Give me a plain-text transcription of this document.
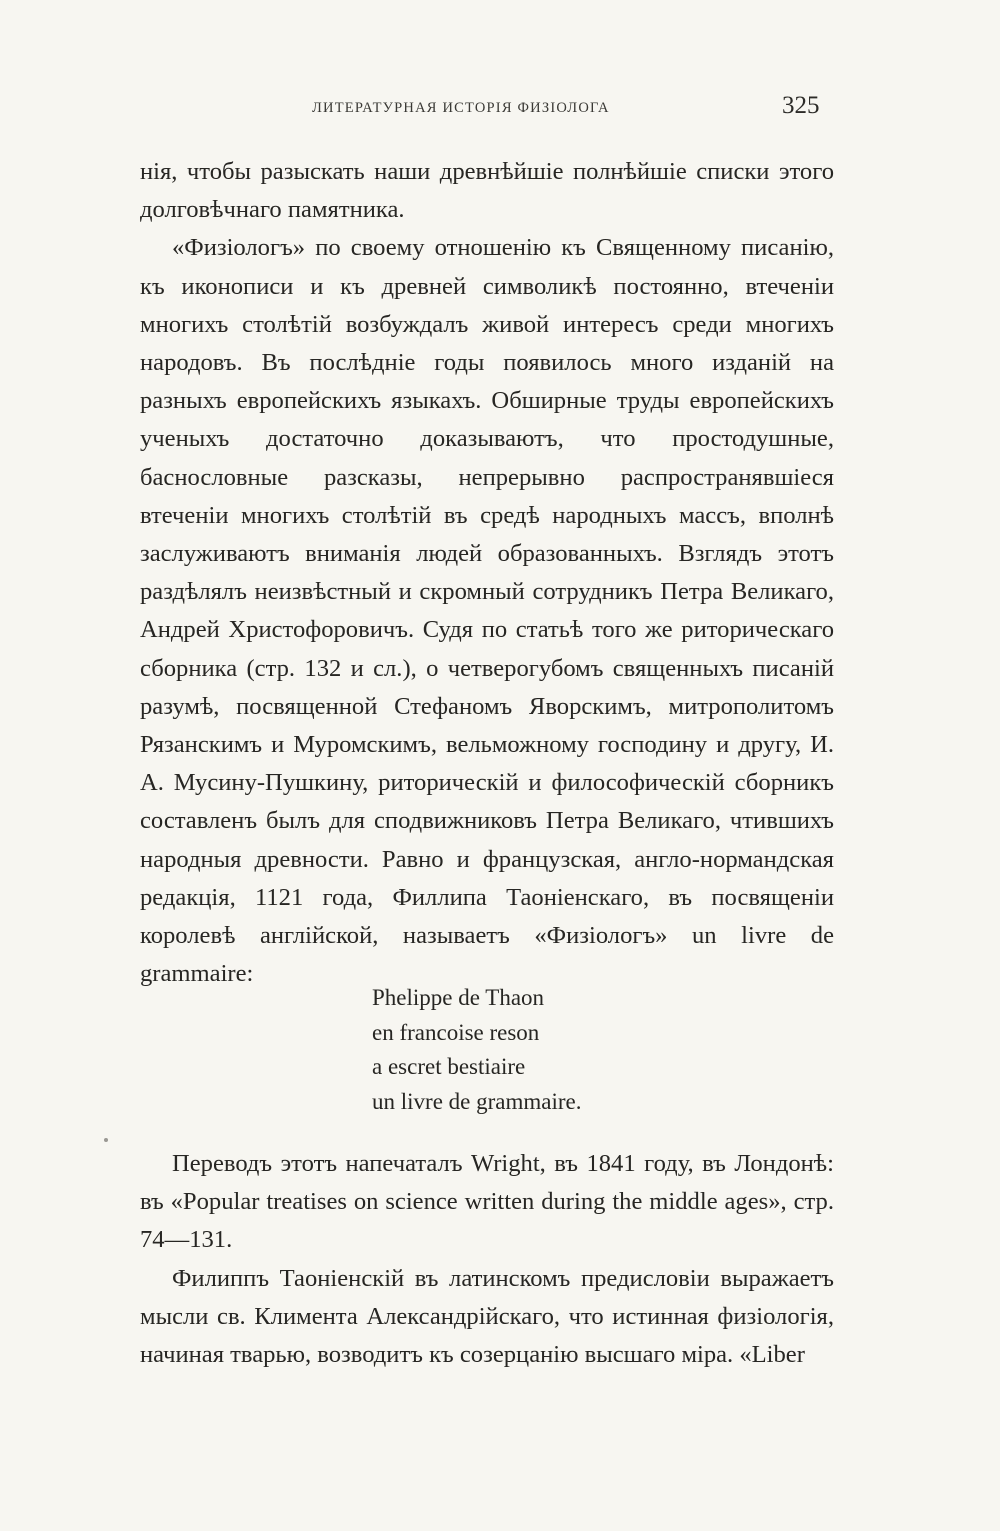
ЛИТЕРАТУРНАЯ ИСТОРІЯ ФИЗІОЛОГА	325

нія, чтобы разыскать наши древнѣйшіе полнѣйшіе списки этого долговѣчнаго памятника.

«Физіологъ» по своему отношенію къ Священному писанію, къ иконописи и къ древней символикѣ постоянно, втеченіи многихъ столѣтій возбуждалъ живой интересъ среди многихъ народовъ. Въ послѣдніе годы появилось много изданій на разныхъ европейскихъ языкахъ. Обширные труды европейскихъ ученыхъ достаточно доказываютъ, что простодушные, баснословные разсказы, непрерывно распространявшіеся втеченіи многихъ столѣтій въ средѣ народныхъ массъ, вполнѣ заслуживаютъ вниманія людей образованныхъ. Взглядъ этотъ раздѣлялъ неизвѣстный и скромный сотрудникъ Петра Великаго, Андрей Христофоровичъ. Судя по статьѣ того же риторическаго сборника (стр. 132 и сл.), о четверогубомъ священныхъ писаній разумѣ, посвященной Стефаномъ Яворскимъ, митрополитомъ Рязанскимъ и Муромскимъ, вельможному господину и другу, И. А. Мусину-Пушкину, риторическій и философическій сборникъ составленъ былъ для сподвижниковъ Петра Великаго, чтившихъ народныя древности. Равно и французская, англо-нормандская редакція, 1121 года, Филлипа Таоніенскаго, въ посвященіи королевѣ англійской, называетъ «Физіологъ» un livre de grammaire:

Phelippe de Thaon
en francoise reson
a escret bestiaire
un livre de grammaire.

Переводъ этотъ напечаталъ Wright, въ 1841 году, въ Лондонѣ: въ «Popular treatises on science written during the middle ages», стр. 74—131.

Филиппъ Таоніенскій въ латинскомъ предисловіи выражаетъ мысли св. Климента Александрійскаго, что истинная физіологія, начиная тварью, возводитъ къ созерцанію высшаго міра. «Liber
